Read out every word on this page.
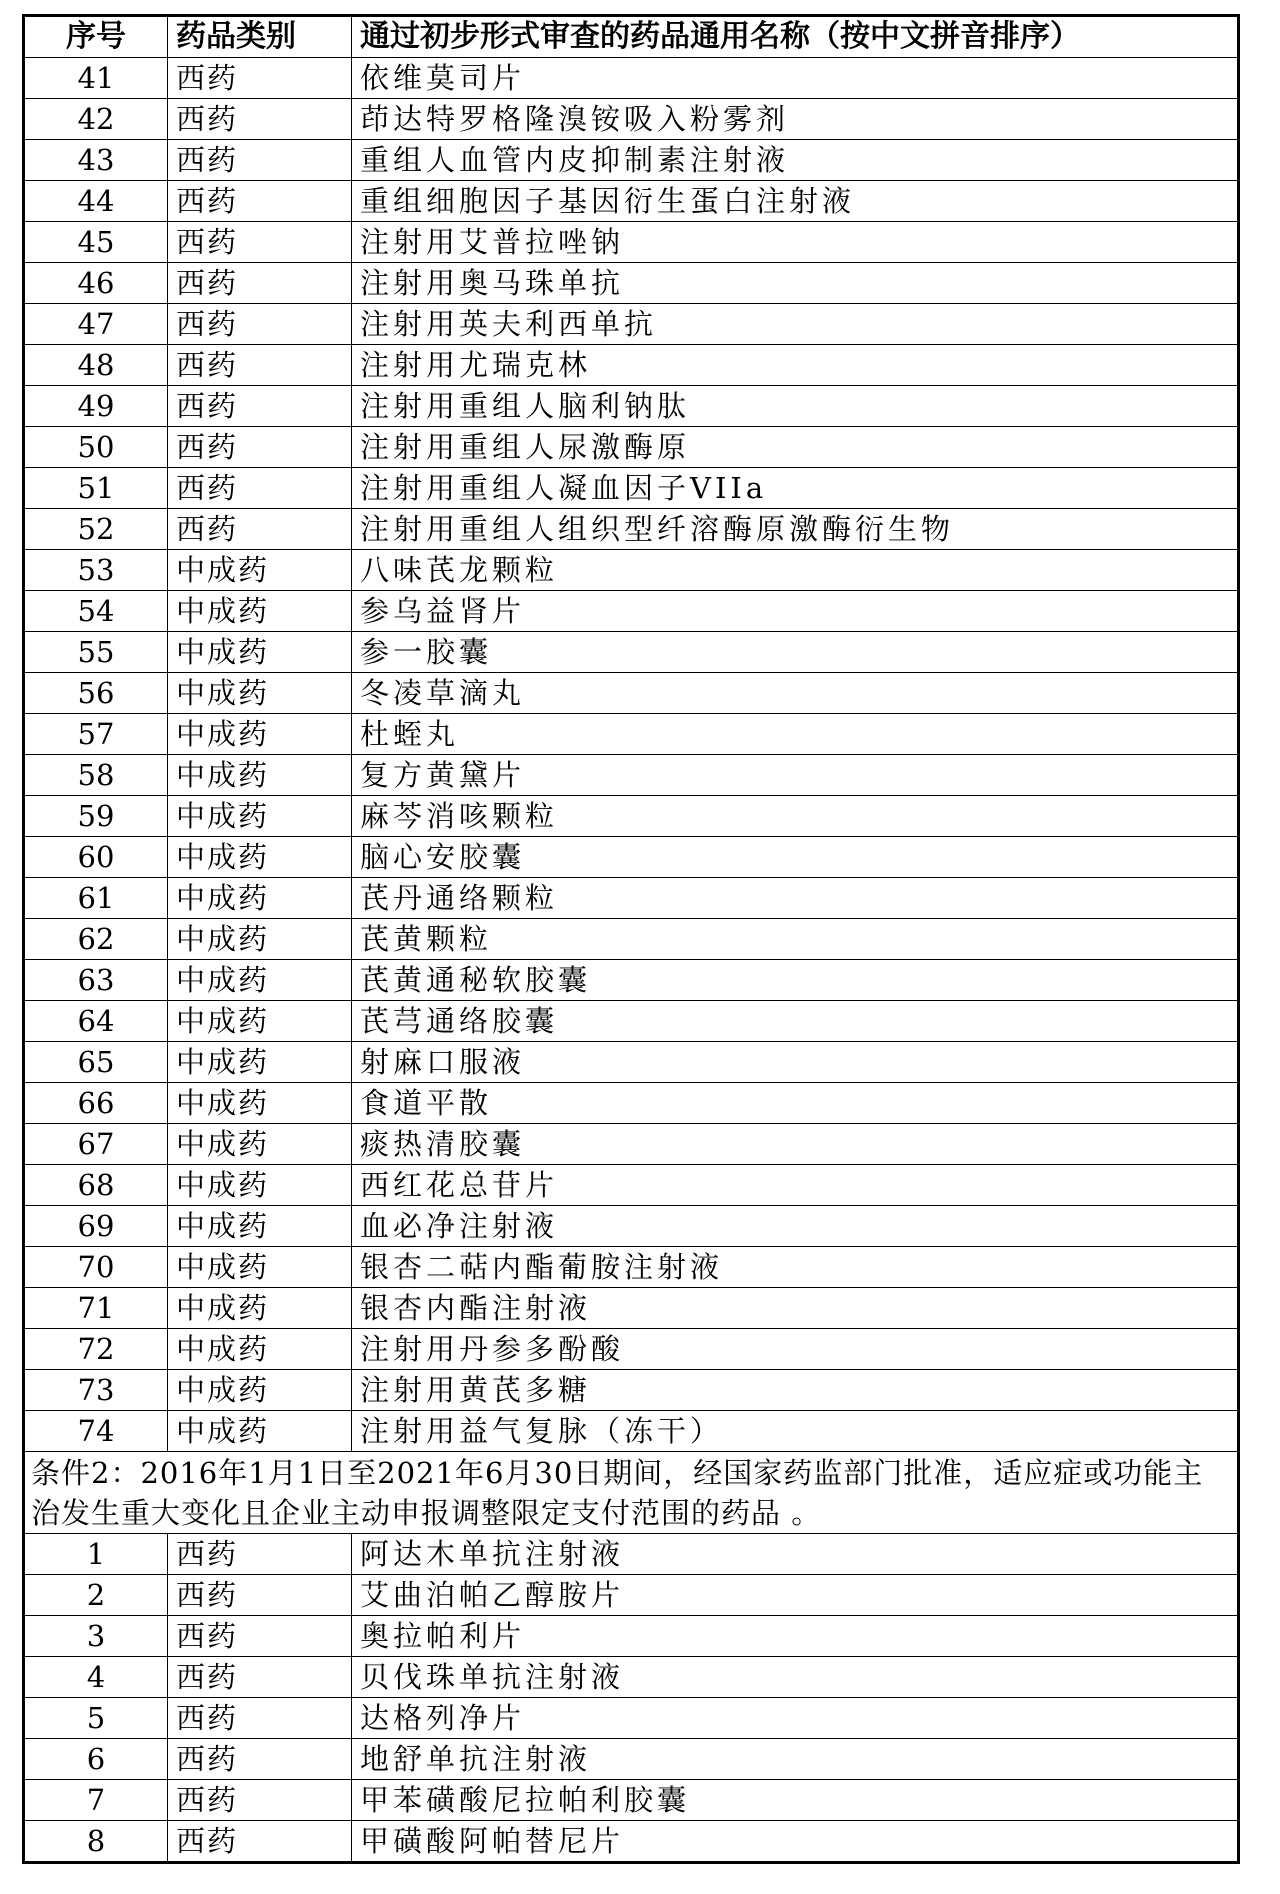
序号	药品类别	通过初步形式审查的药品通用名称（按中文拼音排序）
41	西药	依维莫司片
42	西药	茚达特罗格隆溴铵吸入粉雾剂
43	西药	重组人血管内皮抑制素注射液
44	西药	重组细胞因子基因衍生蛋白注射液
45	西药	注射用艾普拉唑钠
46	西药	注射用奥马珠单抗
47	西药	注射用英夫利西单抗
48	西药	注射用尤瑞克林
49	西药	注射用重组人脑利钠肽
50	西药	注射用重组人尿激酶原
51	西药	注射用重组人凝血因子VIIa
52	西药	注射用重组人组织型纤溶酶原激酶衍生物
53	中成药	八味芪龙颗粒
54	中成药	参乌益肾片
55	中成药	参一胶囊
56	中成药	冬凌草滴丸
57	中成药	杜蛭丸
58	中成药	复方黄黛片
59	中成药	麻芩消咳颗粒
60	中成药	脑心安胶囊
61	中成药	芪丹通络颗粒
62	中成药	芪黄颗粒
63	中成药	芪黄通秘软胶囊
64	中成药	芪芎通络胶囊
65	中成药	射麻口服液
66	中成药	食道平散
67	中成药	痰热清胶囊
68	中成药	西红花总苷片
69	中成药	血必净注射液
70	中成药	银杏二萜内酯葡胺注射液
71	中成药	银杏内酯注射液
72	中成药	注射用丹参多酚酸
73	中成药	注射用黄芪多糖
74	中成药	注射用益气复脉（冻干）
条件2：2016年1月1日至2021年6月30日期间，经国家药监部门批准，适应症或功能主治发生重大变化且企业主动申报调整限定支付范围的药品 。		
1	西药	阿达木单抗注射液
2	西药	艾曲泊帕乙醇胺片
3	西药	奥拉帕利片
4	西药	贝伐珠单抗注射液
5	西药	达格列净片
6	西药	地舒单抗注射液
7	西药	甲苯磺酸尼拉帕利胶囊
8	西药	甲磺酸阿帕替尼片
